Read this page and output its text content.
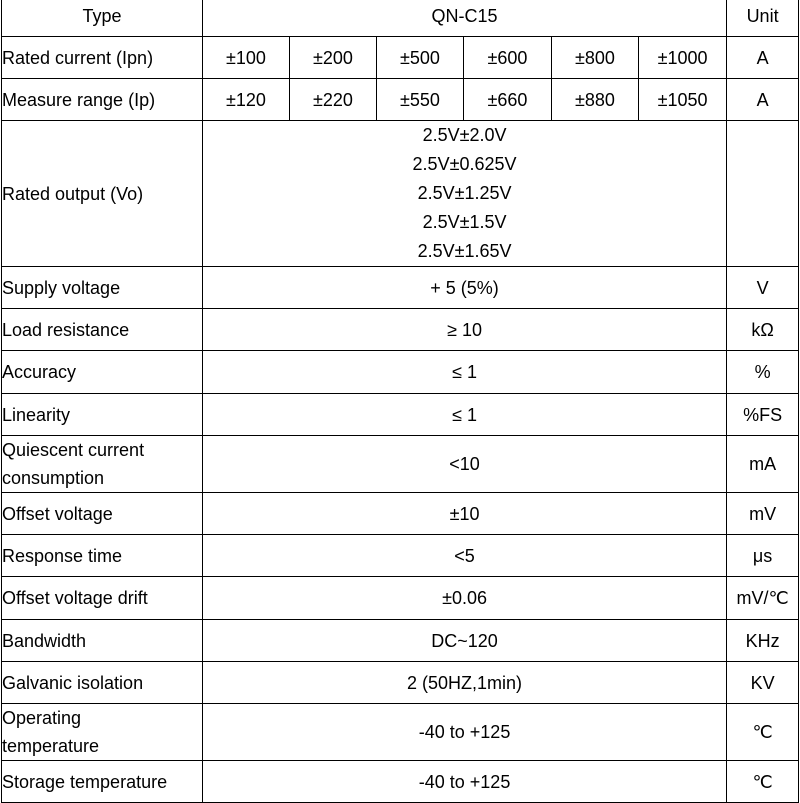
Type	QN-C15						Unit
Rated current (Ipn)	±100	±200	±500	±600	±800	±1000	A
Measure range (Ip)	±120	±220	±550	±660	±880	±1050	A
Rated output (Vo)	2.5V±2.0V
2.5V±0.625V
2.5V±1.25V
2.5V±1.5V
2.5V±1.65V						

Supply voltage	+ 5 (5%)						V
Load resistance	≥ 10						kΩ
Accuracy	≤ 1						%
Linearity	≤ 1						%FS

Quiescent current
consumption	<10						mA
Offset voltage	±10						mV
Response time	<5						μs
Offset voltage drift	±0.06						mV/℃
Bandwidth	DC~120						KHz
Galvanic isolation	2 (50HZ,1min)						KV

Operating
temperature	-40 to +125						℃
Storage temperature	-40 to +125						℃
